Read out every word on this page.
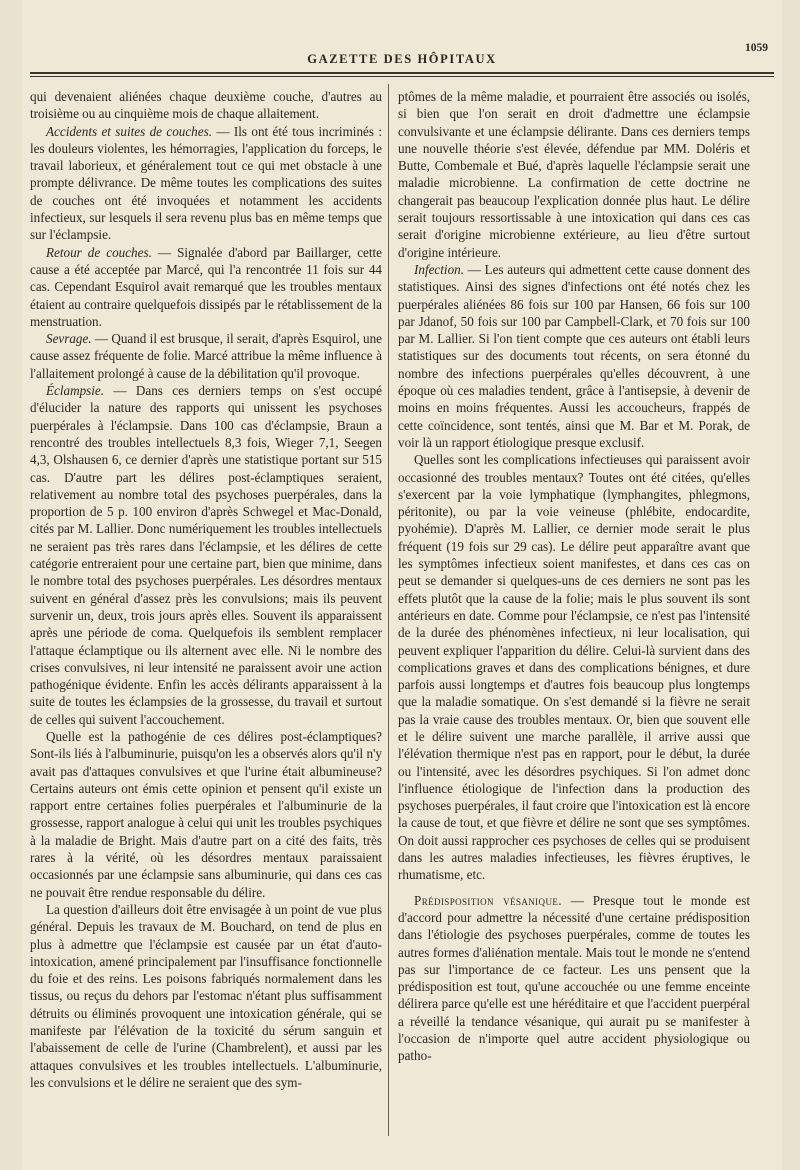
GAZETTE DES HÔPITAUX
1059

qui devenaient aliénées chaque deuxième couche, d'autres au troisième ou au cinquième mois de chaque allaitement.

Accidents et suites de couches. — Ils ont été tous incriminés : les douleurs violentes, les hémorragies, l'application du forceps, le travail laborieux, et généralement tout ce qui met obstacle à une prompte délivrance. De même toutes les complications des suites de couches ont été invoquées et notamment les accidents infectieux, sur lesquels il sera revenu plus bas en même temps que sur l'éclampsie.

Retour de couches. — Signalée d'abord par Baillarger, cette cause a été acceptée par Marcé, qui l'a rencontrée 11 fois sur 44 cas. Cependant Esquirol avait remarqué que les troubles mentaux étaient au contraire quelquefois dissipés par le rétablissement de la menstruation.

Sevrage. — Quand il est brusque, il serait, d'après Esquirol, une cause assez fréquente de folie. Marcé attribue la même influence à l'allaitement prolongé à cause de la débilitation qu'il provoque.

Éclampsie. — Dans ces derniers temps on s'est occupé d'élucider la nature des rapports qui unissent les psychoses puerpérales à l'éclampsie. Dans 100 cas d'éclampsie, Braun a rencontré des troubles intellectuels 8,3 fois, Wieger 7,1, Seegen 4,3, Olshausen 6, ce dernier d'après une statistique portant sur 515 cas. D'autre part les délires post-éclamptiques seraient, relativement au nombre total des psychoses puerpérales, dans la proportion de 5 p. 100 environ d'après Schwegel et Mac-Donald, cités par M. Lallier. Donc numériquement les troubles intellectuels ne seraient pas très rares dans l'éclampsie, et les délires de cette catégorie entreraient pour une certaine part, bien que minime, dans le nombre total des psychoses puerpérales. Les désordres mentaux suivent en général d'assez près les convulsions; mais ils peuvent survenir un, deux, trois jours après elles. Souvent ils apparaissent après une période de coma. Quelquefois ils semblent remplacer l'attaque éclamptique ou ils alternent avec elle. Ni le nombre des crises convulsives, ni leur intensité ne paraissent avoir une action pathogénique évidente. Enfin les accès délirants apparaissent à la suite de toutes les éclampsies de la grossesse, du travail et surtout de celles qui suivent l'accouchement.

Quelle est la pathogénie de ces délires post-éclamptiques? Sont-ils liés à l'albuminurie, puisqu'on les a observés alors qu'il n'y avait pas d'attaques convulsives et que l'urine était albumineuse? Certains auteurs ont émis cette opinion et pensent qu'il existe un rapport entre certaines folies puerpérales et l'albuminurie de la grossesse, rapport analogue à celui qui unit les troubles psychiques à la maladie de Bright. Mais d'autre part on a cité des faits, très rares à la vérité, où les désordres mentaux paraissaient occasionnés par une éclampsie sans albuminurie, qui dans ces cas ne pouvait être rendue responsable du délire.

La question d'ailleurs doit être envisagée à un point de vue plus général. Depuis les travaux de M. Bouchard, on tend de plus en plus à admettre que l'éclampsie est causée par un état d'auto-intoxication, amené principalement par l'insuffisance fonctionnelle du foie et des reins. Les poisons fabriqués normalement dans les tissus, ou reçus du dehors par l'estomac n'étant plus suffisamment détruits ou éliminés provoquent une intoxication générale, qui se manifeste par l'élévation de la toxicité du sérum sanguin et l'abaissement de celle de l'urine (Chambrelent), et aussi par les attaques convulsives et les troubles intellectuels. L'albuminurie, les convulsions et le délire ne seraient que des sym-

ptômes de la même maladie, et pourraient être associés ou isolés, si bien que l'on serait en droit d'admettre une éclampsie convulsivante et une éclampsie délirante. Dans ces derniers temps une nouvelle théorie s'est élevée, défendue par MM. Doléris et Butte, Combemale et Bué, d'après laquelle l'éclampsie serait une maladie microbienne. La confirmation de cette doctrine ne changerait pas beaucoup l'explication donnée plus haut. Le délire serait toujours ressortissable à une intoxication qui dans ces cas serait d'origine microbienne extérieure, au lieu d'être surtout d'origine intérieure.

Infection. — Les auteurs qui admettent cette cause donnent des statistiques. Ainsi des signes d'infections ont été notés chez les puerpérales aliénées 86 fois sur 100 par Hansen, 66 fois sur 100 par Jdanof, 50 fois sur 100 par Campbell-Clark, et 70 fois sur 100 par M. Lallier. Si l'on tient compte que ces auteurs ont établi leurs statistiques sur des documents tout récents, on sera étonné du nombre des infections puerpérales qu'elles découvrent, à une époque où ces maladies tendent, grâce à l'antisepsie, à devenir de moins en moins fréquentes. Aussi les accoucheurs, frappés de cette coïncidence, sont tentés, ainsi que M. Bar et M. Porak, de voir là un rapport étiologique presque exclusif.

Quelles sont les complications infectieuses qui paraissent avoir occasionné des troubles mentaux? Toutes ont été citées, qu'elles s'exercent par la voie lymphatique (lymphangites, phlegmons, péritonite), ou par la voie veineuse (phlébite, endocardite, pyohémie). D'après M. Lallier, ce dernier mode serait le plus fréquent (19 fois sur 29 cas). Le délire peut apparaître avant que les symptômes infectieux soient manifestes, et dans ces cas on peut se demander si quelques-uns de ces derniers ne sont pas les effets plutôt que la cause de la folie; mais le plus souvent ils sont antérieurs en date. Comme pour l'éclampsie, ce n'est pas l'intensité de la durée des phénomènes infectieux, ni leur localisation, qui peuvent expliquer l'apparition du délire. Celui-là survient dans des complications graves et dans des complications bénignes, et dure parfois aussi longtemps et d'autres fois beaucoup plus longtemps que la maladie somatique. On s'est demandé si la fièvre ne serait pas la vraie cause des troubles mentaux. Or, bien que souvent elle et le délire suivent une marche parallèle, il arrive aussi que l'élévation thermique n'est pas en rapport, pour le début, la durée ou l'intensité, avec les désordres psychiques. Si l'on admet donc l'influence étiologique de l'infection dans la production des psychoses puerpérales, il faut croire que l'intoxication est là encore la cause de tout, et que fièvre et délire ne sont que ses symptômes. On doit aussi rapprocher ces psychoses de celles qui se produisent dans les autres maladies infectieuses, les fièvres éruptives, le rhumatisme, etc.

Prédisposition vésanique. — Presque tout le monde est d'accord pour admettre la nécessité d'une certaine prédisposition dans l'étiologie des psychoses puerpérales, comme de toutes les autres formes d'aliénation mentale. Mais tout le monde ne s'entend pas sur l'importance de ce facteur. Les uns pensent que la prédisposition est tout, qu'une accouchée ou une femme enceinte délirera parce qu'elle est une héréditaire et que l'accident puerpéral a réveillé la tendance vésanique, qui aurait pu se manifester à l'occasion de n'importe quel autre accident physiologique ou patho-
